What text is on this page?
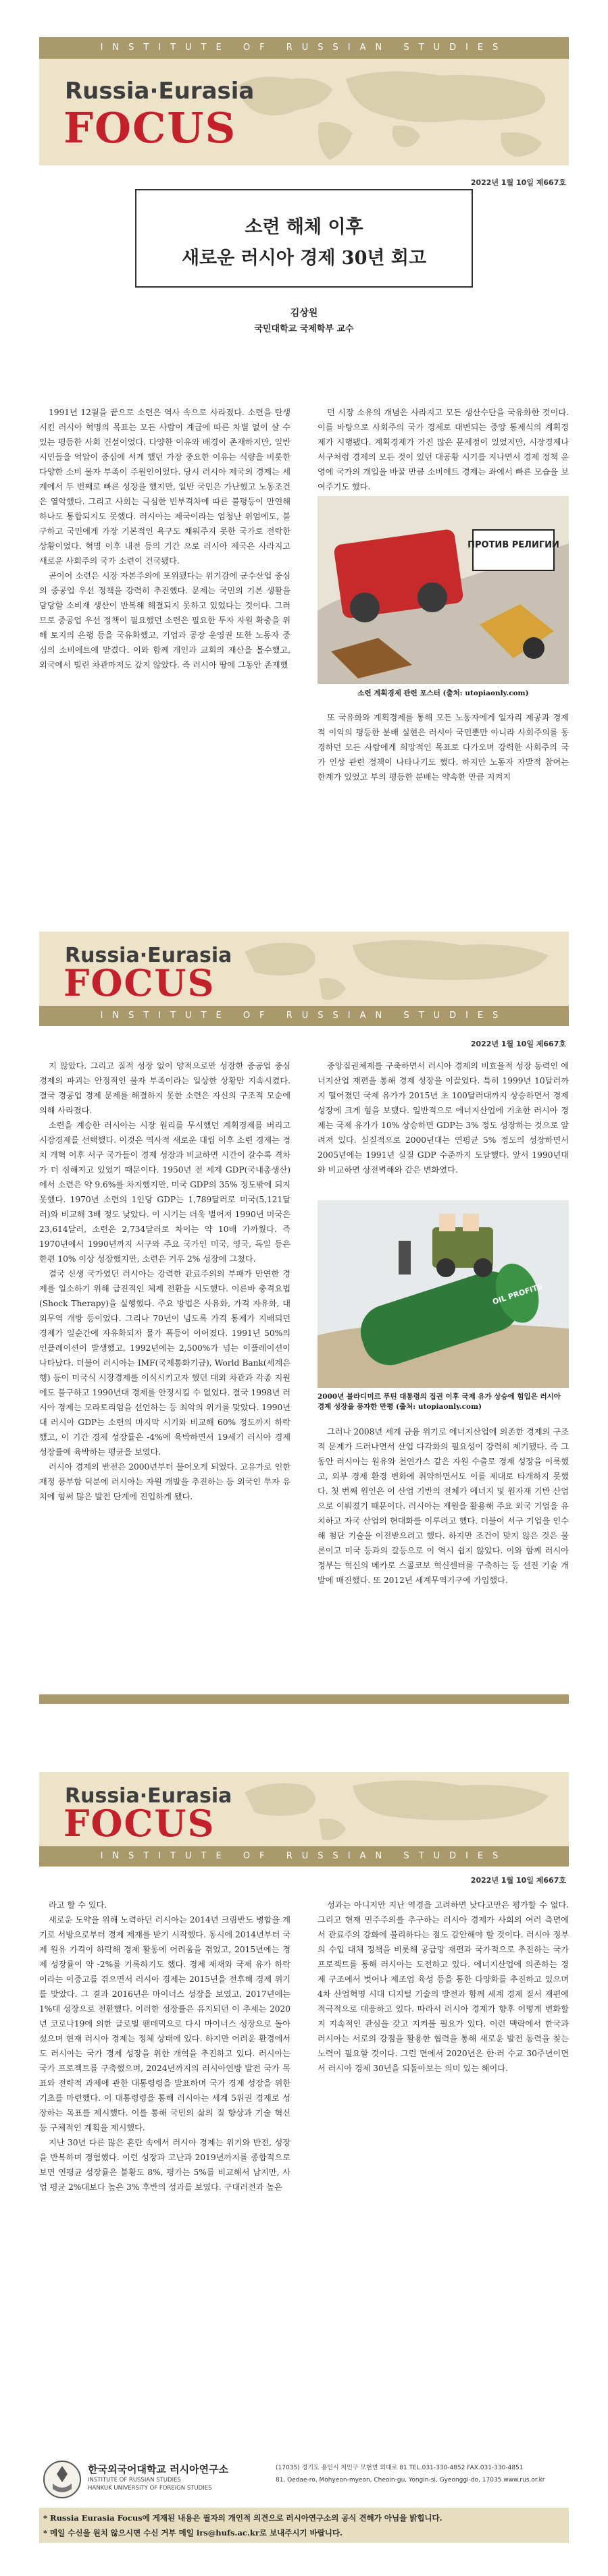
INSTITUTE OF RUSSIAN STUDIES
Russia·Eurasia
FOCUS
2022년 1월 10일 제667호
소련 해체 이후
새로운 러시아 경제 30년 회고
김상원
국민대학교 국제학부 교수

1991년 12월을 끝으로 소련은 역사 속으로 사라졌다. 소련을 탄생시킨 러시아 혁명의 목표는 모든 사람이 계급에 따른 차별 없이 살 수 있는 평등한 사회 건설이었다. 다양한 이유와 배경이 존재하지만, 일반 시민들을 억압이 중심에 서게 했던 가장 중요한 이유는 식량을 비롯한 다양한 소비 물자 부족이 주원인이었다. 당시 러시아 제국의 경제는 세계에서 두 번째로 빠른 성장을 했지만, 일반 국민은 가난했고 노동조건은 열악했다. 그리고 사회는 극심한 빈부격차에 따른 불평등이 만연해 하나도 통합되지도 못했다. 러시아는 제국이라는 엄청난 위엄에도, 불구하고 국민에게 가장 기본적인 욕구도 채워주지 못한 국가로 전락한 상황이었다. 혁명 이후 내전 등의 기간 으로 러시아 제국은 사라지고 새로운 사회주의 국가 소련이 건국됐다.

곧이어 소련은 시장 자본주의에 포위됐다는 위기감에 군수산업 중심의 중공업 우선 정책을 강력히 추진했다. 문제는 국민의 기본 생활을 담당할 소비재 생산이 반복해 해결되지 못하고 있었다는 것이다. 그러므로 중공업 우선 정책이 필요했던 소련은 필요한 투자 자원 확충을 위해 토지의 은행 등을 국유화했고, 기업과 공장 운영권 또한 노동자 중심의 소비에트에 맡겼다. 이와 함께 개인과 교회의 재산을 몰수했고, 외국에서 빌린 차관마저도 갚지 않았다. 즉 러시아 땅에 그동안 존재했

던 시장 소유의 개념은 사라지고 모든 생산수단을 국유화한 것이다. 이를 바탕으로 사회주의 국가 경제로 대변되는 중앙 통제식의 계획경제가 시행됐다. 계획경제가 가진 많은 문제점이 있었지만, 시장경제나 서구처럼 경제의 모든 것이 있던 대공황 시기를 지나면서 경제 정책 운영에 국가의 개입을 바꿀 만큼 소비에트 경제는 좌에서 빠른 모습을 보여주기도 했다.

ПРОТИВ РЕЛИГИИ
소련 계획경제 관련 포스터 (출처: utopiaonly.com)

또 국유화와 계획경제를 통해 모든 노동자에게 일자리 제공과 경제적 이익의 평등한 분배 실현은 러시아 국민뿐만 아니라 사회주의를 동경하던 모든 사람에게 희망적인 목표로 다가오며 강력한 사회주의 국가 인상 관련 정책이 나타나기도 했다. 하지만 노동자 자발적 참여는 한계가 있었고 부의 평등한 분배는 약속한 만큼 지켜지

Russia·Eurasia
FOCUS
INSTITUTE OF RUSSIAN STUDIES
2022년 1월 10일 제667호

지 않았다. 그리고 질적 성장 없이 양적으로만 성장한 중공업 중심 경제의 파괴는 안정적인 물자 부족이라는 일상한 상황만 지속시켰다. 결국 경공업 경제 문제를 해결하지 못한 소련은 자신의 구조적 모순에 의해 사라졌다.

소련을 계승한 러시아는 시장 원리를 무시했던 계획경제를 버리고 시장경제를 선택했다. 이것은 역사적 새로운 대립 이후 소련 경제는 정치 개혁 이후 서구 국가들이 경제 성장과 비교하면 시간이 갈수록 격차가 더 심해지고 있었기 때문이다. 1950년 전 세계 GDP(국내총생산)에서 소련은 약 9.6%를 차지했지만, 미국 GDP의 35% 정도밖에 되지 못했다. 1970년 소련의 1인당 GDP는 1,789달러로 미국(5,121달러)와 비교해 3배 정도 낮았다. 이 시기는 더욱 벌어져 1990년 미국은 23,614달러, 소련은 2,734달러로 차이는 약 10배 가까웠다. 즉 1970년에서 1990년까지 서구와 주요 국가인 미국, 영국, 독일 등은 한편 10% 이상 성장했지만, 소련은 거우 2% 성장에 그쳤다.

결국 신생 국가였던 러시아는 강력한 관료주의의 부패가 만연한 경제를 일소하기 위해 급진적인 체제 전환을 시도했다. 이른바 충격요법(Shock Therapy)을 실행했다. 주요 방법은 사유화, 가격 자유화, 대외무역 개방 등이었다. 그리나 70년이 넘도록 가격 통제가 지배되던 경제가 일순간에 자유화되자 물가 폭등이 이어졌다. 1991년 50%의 인플레이션이 발생했고, 1992년에는 2,500%가 넘는 이플레이션이 나타났다. 더불어 러시아는 IMF(국제통화기금), World Bank(세계은행) 등이 미국식 시장경제를 이식시키고자 했던 대외 차관과 각종 지원에도 불구하고 1990년대 경제를 안정시킬 수 없었다. 결국 1998년 러시아 경제는 모라토리엄을 선언하는 등 최악의 위기를 맞았다. 1990년대 러시아 GDP는 소련의 마지막 시기와 비교해 60% 정도까지 하락했고, 이 기간 경제 성장률은 -4%에 육박하면서 19세기 러시아 경제 성장률에 육박하는 평균을 보였다.

러시아 경제의 반전은 2000년부터 불어오게 되었다. 고유가로 인한 재정 풍부함 덕분에 러시아는 자원 개발을 추진하는 등 외국인 투자 유치에 힘써 많은 발전 단계에 진입하게 됐다.

중앙집권체제를 구축하면서 러시아 경제의 비효율적 성장 동력인 에너지산업 재편을 통해 경제 성장을 이끌었다. 특히 1999년 10달러까지 떨어졌던 국제 유가가 2015년 초 100달러대까지 상승하면서 경제 성장에 크게 힘을 보탰다. 일반적으로 에너지산업에 기초한 러시아 경제는 국제 유가가 10% 상승하면 GDP는 3% 정도 성장하는 것으로 알려져 있다. 실질적으로 2000년대는 연평균 5% 정도의 성장하면서 2005년에는 1991년 실질 GDP 수준까지 도달했다. 앞서 1990년대와 비교하면 상전벽해와 같은 변화였다.

OIL PROFITS
2000년 블라디미르 푸틴 대통령의 집권 이후 국제 유가 상승에 힘입은 러시아 경제 성장을 풍자한 만평 (출처: utopiaonly.com)

그러나 2008년 세계 금융 위기로 에너지산업에 의존한 경제의 구조적 문제가 드러나면서 산업 다각화의 필요성이 강력히 제기됐다. 즉 그동안 러시아는 원유와 천연가스 같은 자원 수출로 경제 성장을 이룩했고, 외부 경제 환경 변화에 취약하면서도 이를 제대로 타개하지 못했다. 첫 번째 원인은 이 산업 기반의 전체가 에너지 및 원자재 기반 산업으로 이뤄졌기 때문이다. 러시아는 재원을 활용해 주요 외국 기업을 유치하고 자국 산업의 현대화를 이루려고 했다. 더불어 서구 기업을 인수해 첨단 기술을 이전받으려고 했다. 하지만 조건이 맞지 않은 것은 물론이고 미국 등과의 갈등으로 이 역시 쉽지 않았다. 이와 함께 러시아 정부는 혁신의 메카로 스콜코보 혁신센터를 구축하는 등 선진 기술 개발에 매진했다. 또 2012년 세계무역기구에 가입했다.

Russia·Eurasia
FOCUS
INSTITUTE OF RUSSIAN STUDIES
2022년 1월 10일 제667호

라고 할 수 있다.

새로운 도약을 위해 노력하던 러시아는 2014년 크림반도 병합을 계기로 서방으로부터 경제 제재를 받기 시작했다. 동시에 2014년부터 국제 원유 가격이 하락해 경제 활동에 어려움을 겪었고, 2015년에는 경제 성장률이 약 -2%를 기록하기도 했다. 경제 제재와 국제 유가 하락이라는 이중고를 겪으면서 러시아 경제는 2015년을 전후해 경제 위기를 맞았다. 그 결과 2016년은 마이너스 성장을 보였고, 2017년에는 1%대 성장으로 전환했다. 이러한 성장률은 유지되던 이 추세는 2020년 코로나19에 의한 글로벌 팬데믹으로 다시 마이너스 성장으로 돌아섰으며 현재 러시아 경제는 정체 상태에 있다. 하지만 어려운 환경에서도 러시아는 국가 경제 성장을 위한 개혁을 추진하고 있다. 러시아는 국가 프로젝트를 구축했으며, 2024년까지의 러시아연방 발전 국가 목표와 전략적 과제에 관한 대통령령을 발표하며 국가 경제 성장을 위한 기초를 마련했다. 이 대통령령을 통해 러시아는 세계 5위권 경제로 성장하는 목표를 제시했다. 이를 통해 국민의 삶의 질 향상과 기술 혁신 등 구체적인 계획을 제시했다.

지난 30년 다른 많은 혼란 속에서 러시아 경제는 위기와 반전, 성장을 반복하며 경험했다. 이런 성장과 고난과 2019년까지를 종합적으로 보면 연평균 성장률은 불황도 8%, 평가는 5%를 비교해서 남지만, 사업 평균 2%대보다 높은 3% 후반의 성과를 보였다. 구대러전과 높은

성과는 아니지만 지난 역경을 고려하면 낮다고만은 평가할 수 없다. 그리고 현재 민주주의를 추구하는 러시아 경제가 사회의 여러 측면에서 관료주의 강화에 불리하다는 점도 감안해야 할 것이다. 러시아 정부의 수입 대체 정책을 비롯해 공급망 재편과 국가적으로 추진하는 국가 프로젝트를 통해 러시아는 도전하고 있다. 에너지산업에 의존하는 경제 구조에서 벗어나 제조업 육성 등을 통한 다양화를 추진하고 있으며 4차 산업혁명 시대 디지털 기술의 발전과 함께 세계 경제 질서 재편에 적극적으로 대응하고 있다. 따라서 러시아 경제가 향후 어떻게 변화할지 지속적인 관심을 갖고 지켜볼 필요가 있다. 이런 맥락에서 한국과 러시아는 서로의 강점을 활용한 협력을 통해 새로운 발전 동력을 찾는 노력이 필요할 것이다. 그런 면에서 2020년은 한·러 수교 30주년이면서 러시아 경제 30년을 되돌아보는 의미 있는 해이다.

한국외국어대학교 러시아연구소
INSTITUTE OF RUSSIAN STUDIES
HANKUK UNIVERSITY OF FOREIGN STUDIES
(17035) 경기도 용인시 처인구 모현면 외대로 81 TEL.031-330-4852 FAX.031-330-4851
81, Oedae-ro, Mohyeon-myeon, Cheoin-gu, Yongin-si, Gyeonggi-do, 17035 www.rus.or.kr
* Russia Eurasia Focus에 게재된 내용은 필자의 개인적 의견으로 러시아연구소의 공식 견해가 아님을 밝힙니다.
* 메일 수신을 원치 않으시면 수신 거부 메일 irs@hufs.ac.kr로 보내주시기 바랍니다.
